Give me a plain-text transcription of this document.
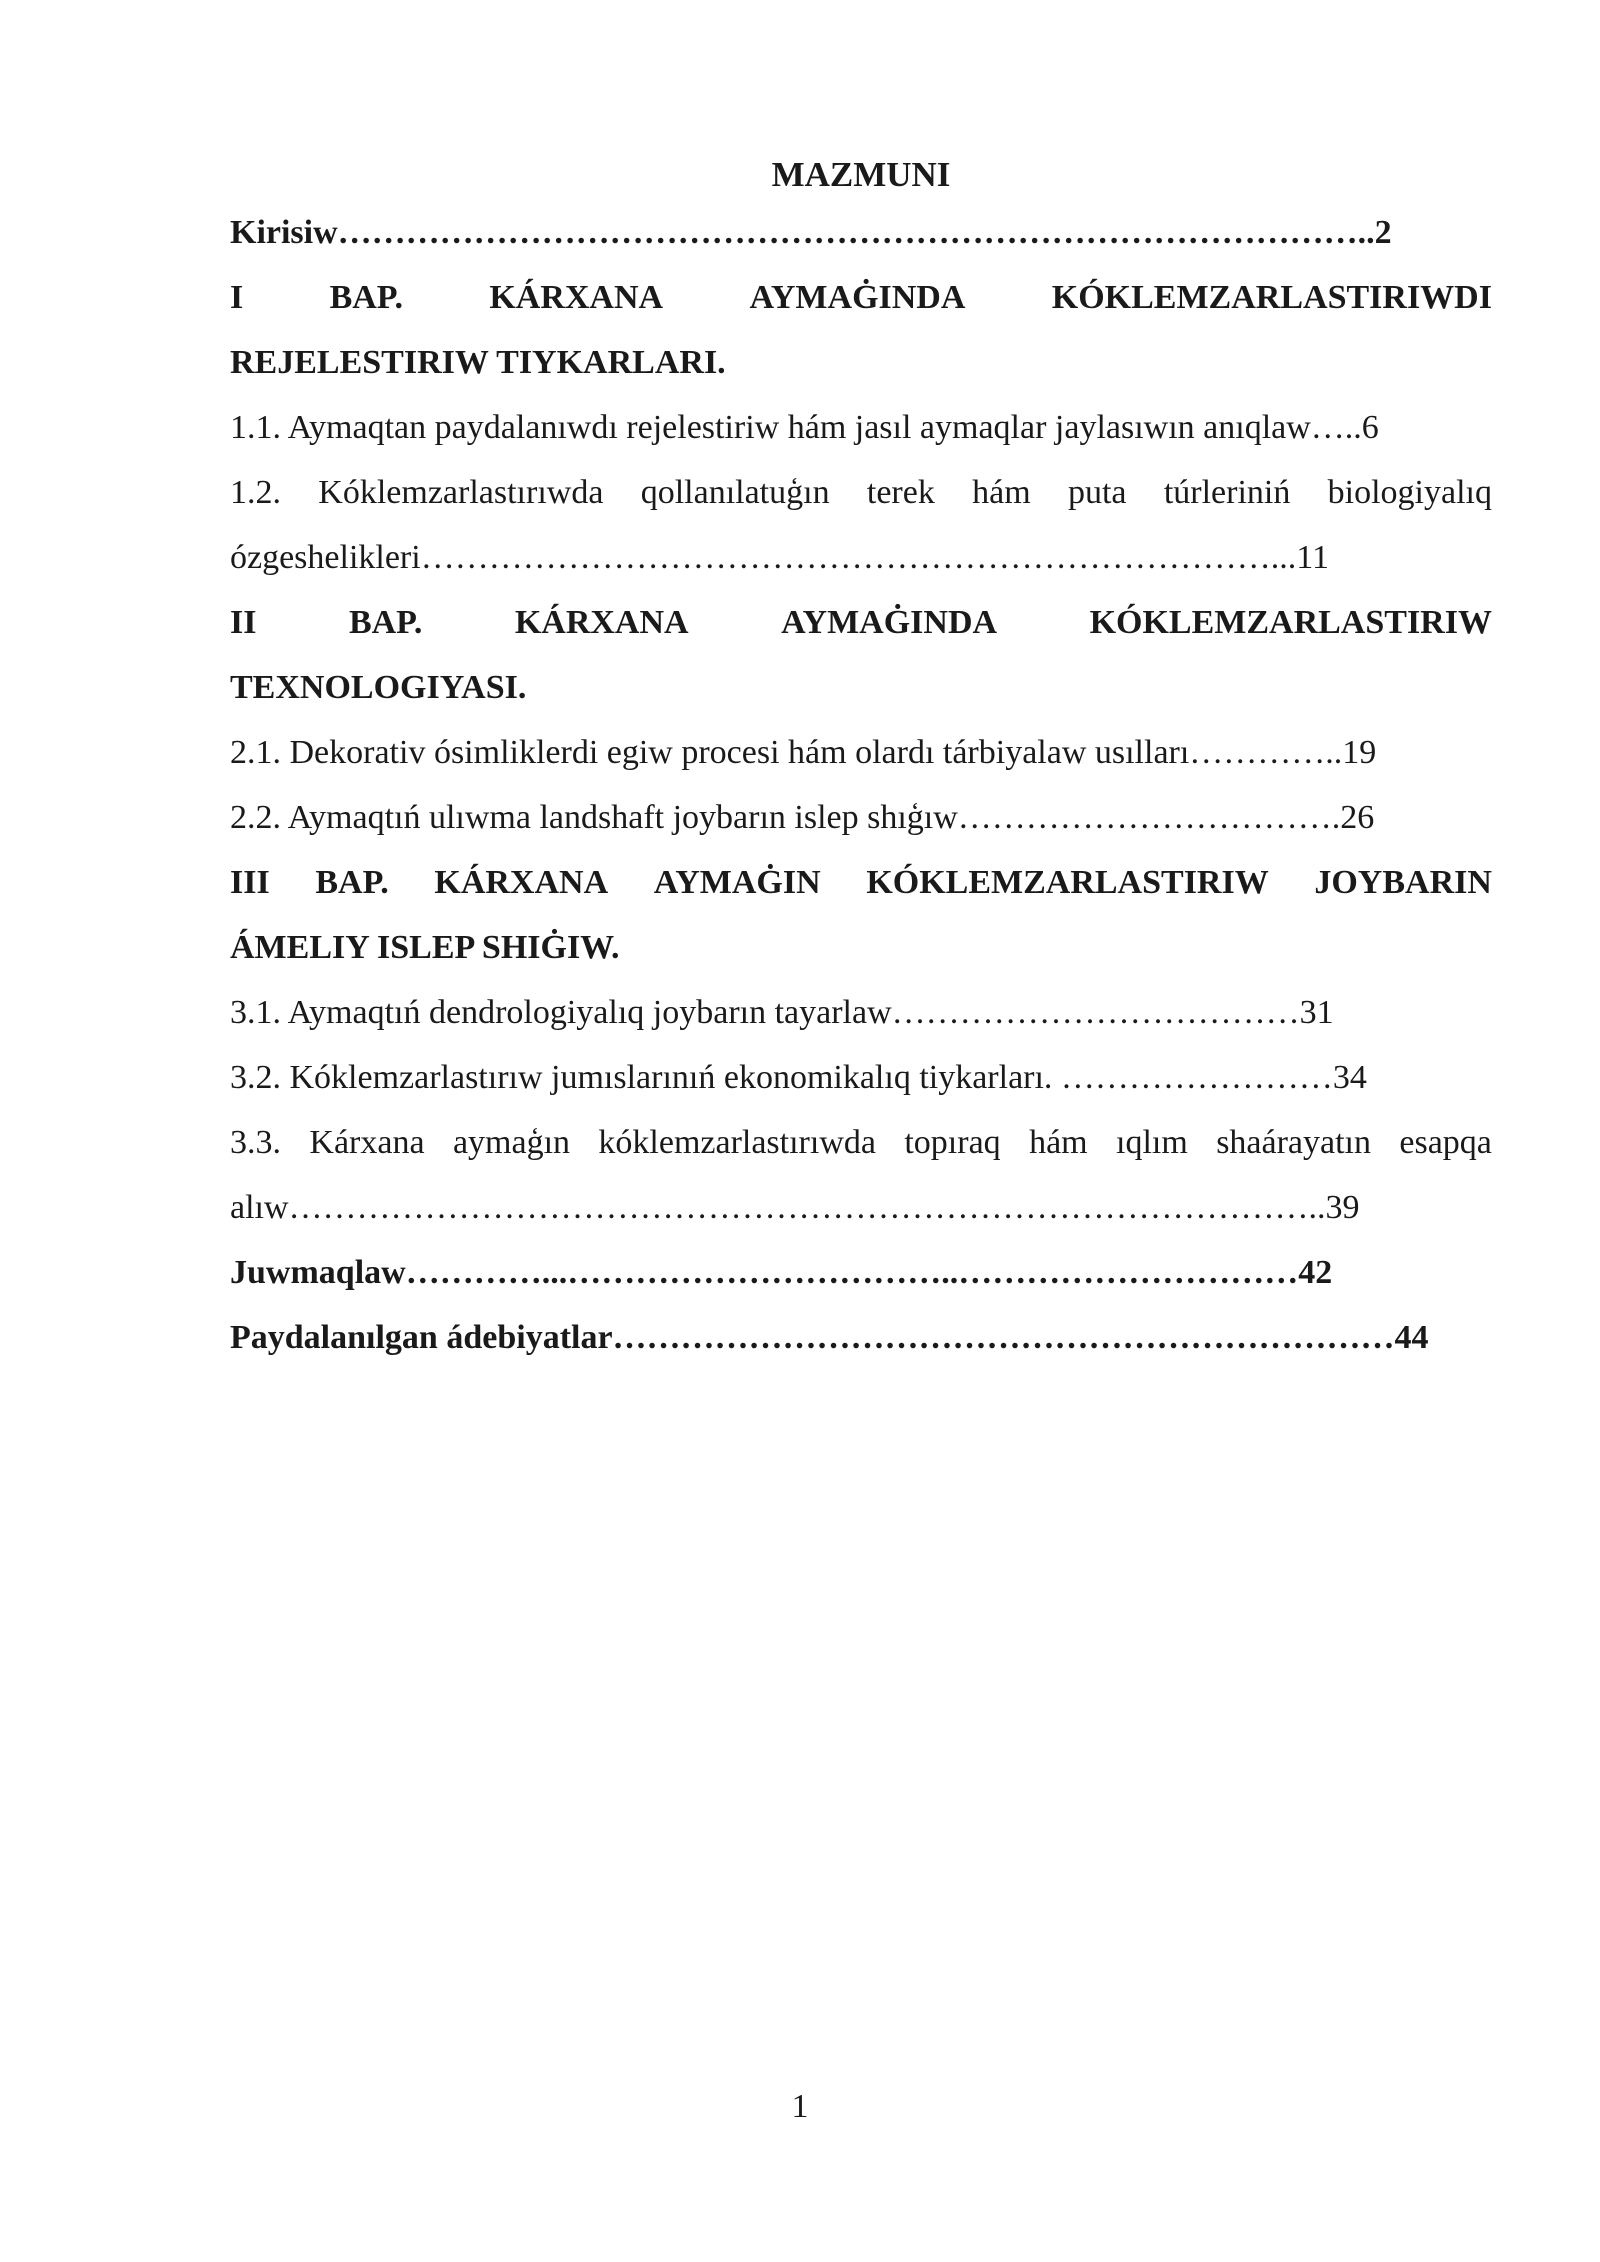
MAZMUNI
Kirisiw………………………………………………………………………………..2
I	BAP.	KÁRXANA	AYMAĠINDA	KÓKLEMZARLASTIRIWDI
REJELESTIRIW TIYKARLARI.
1.1. Aymaqtan paydalanıwdı rejelestiriw hám jasıl aymaqlar jaylasıwın anıqlaw…..6
1.2. Kóklemzarlastırıwda qollanılatuģın terek hám puta túrleriniń biologiyalıq
ózgeshelikleri…………………………………………………………………...11
II	BAP.	KÁRXANA	AYMAĠINDA	KÓKLEMZARLASTIRIW
TEXNOLOGIYASI.
2.1. Dekorativ ósimliklerdi egiw procesi hám olardı tárbiyalaw usılları…………..19
2.2. Aymaqtıń ulıwma landshaft joybarın islep shıģıw…………………………….26
III BAP. KÁRXANA AYMAĠIN KÓKLEMZARLASTIRIW JOYBARIN
ÁMELIY ISLEP SHIĠIW.
3.1. Aymaqtıń dendrologiyalıq joybarın tayarlaw………………………………31
3.2. Kóklemzarlastırıw jumıslarınıń ekonomikalıq tiykarları. ……………………34
3.3. Kárxana aymaģın kóklemzarlastırıwda topıraq hám ıqlım shaárayatın esapqa
alıw………………………………………………………………………………..39
Juwmaqlaw…………...……………………………..…………………………42
Paydalanılgan ádebiyatlar……………………………………………………………44
1
